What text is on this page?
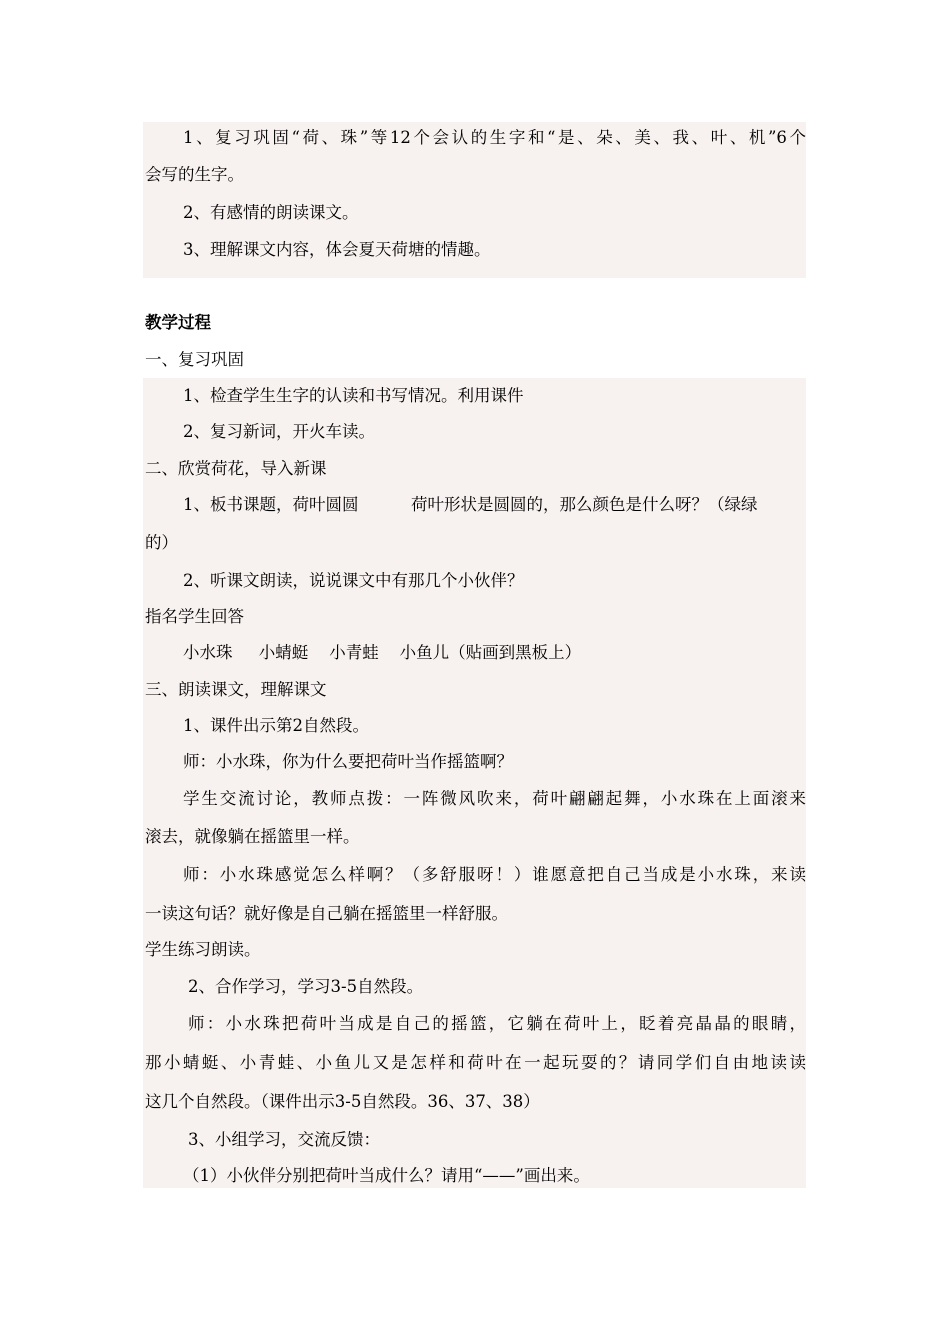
1、复习巩固“荷、珠”等12个会认的生字和“是、朵、美、我、叶、机”6个
会写的生字。
2、有感情的朗读课文。
3、理解课文内容，体会夏天荷塘的情趣。
教学过程
一、复习巩固
1、检查学生生字的认读和书写情况。利用课件
2、复习新词，开火车读。
二、欣赏荷花，导入新课
1、板书课题，荷叶圆圆          荷叶形状是圆圆的，那么颜色是什么呀？（绿绿
的）
2、听课文朗读，说说课文中有那几个小伙伴？
指名学生回答
小水珠     小蜻蜓    小青蛙    小鱼儿（贴画到黑板上）
三、朗读课文，理解课文
1、课件出示第2自然段。
师：小水珠，你为什么要把荷叶当作摇篮啊？
学生交流讨论，教师点拨：一阵微风吹来，荷叶翩翩起舞，小水珠在上面滚来
滚去，就像躺在摇篮里一样。
师：小水珠感觉怎么样啊？（多舒服呀！）谁愿意把自己当成是小水珠，来读
一读这句话？就好像是自己躺在摇篮里一样舒服。
学生练习朗读。
2、合作学习，学习3-5自然段。
师：小水珠把荷叶当成是自己的摇篮，它躺在荷叶上，眨着亮晶晶的眼睛，
那小蜻蜓、小青蛙、小鱼儿又是怎样和荷叶在一起玩耍的？请同学们自由地读读
这几个自然段。（课件出示3-5自然段。36、37、38）
3、小组学习，交流反馈：
（1）小伙伴分别把荷叶当成什么？请用“——”画出来。
